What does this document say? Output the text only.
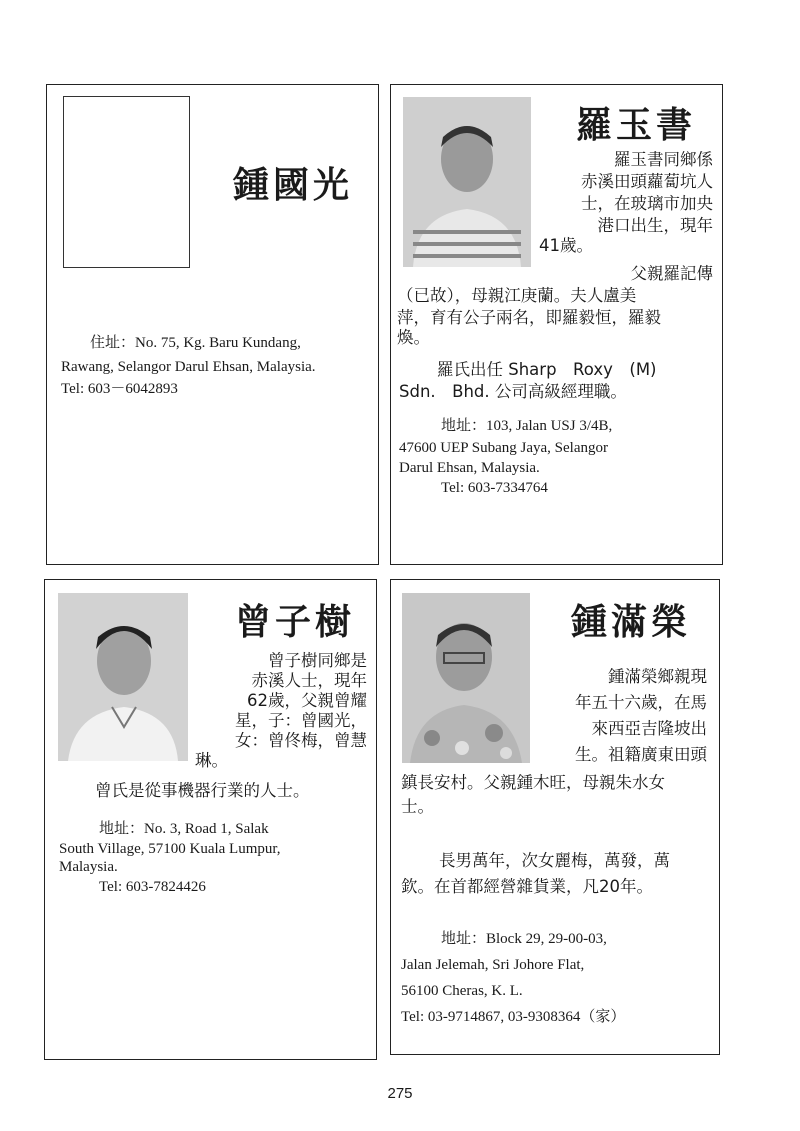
鍾國光
住址：No. 75, Kg. Baru Kundang,
Rawang, Selangor Darul Ehsan, Malaysia.
Tel: 603－6042893
羅玉書
羅玉書同鄉係
赤溪田頭蘿蔔坑人
士，在玻璃市加央
港口出生，現年
41歲。
父親羅記傳
（已故），母親江庚蘭。夫人盧美
萍，育有公子兩名，即羅毅恒，羅毅
煥。
羅氏出任 Sharp　Roxy　(M)
Sdn.　Bhd. 公司高級經理職。
地址：103, Jalan USJ 3/4B,
47600 UEP Subang Jaya, Selangor
Darul Ehsan, Malaysia.
Tel: 603-7334764
曾子樹
曾子樹同鄉是
赤溪人士，現年
62歲，父親曾耀
星，子：曾國光，
女：曾佟梅，曾慧
琳。
曾氏是從事機器行業的人士。
地址：No. 3, Road 1, Salak
South Village, 57100 Kuala Lumpur,
Malaysia.
Tel: 603-7824426
鍾滿榮
鍾滿榮鄉親現
年五十六歲，在馬
來西亞吉隆坡出
生。祖籍廣東田頭
鎮長安村。父親鍾木旺，母親朱水女
士。
長男萬年，次女麗梅，萬發，萬
欽。在首都經營雜貨業，凡20年。
地址：Block 29, 29-00-03,
Jalan Jelemah, Sri Johore Flat,
56100 Cheras, K. L.
Tel: 03-9714867, 03-9308364（家）
275
